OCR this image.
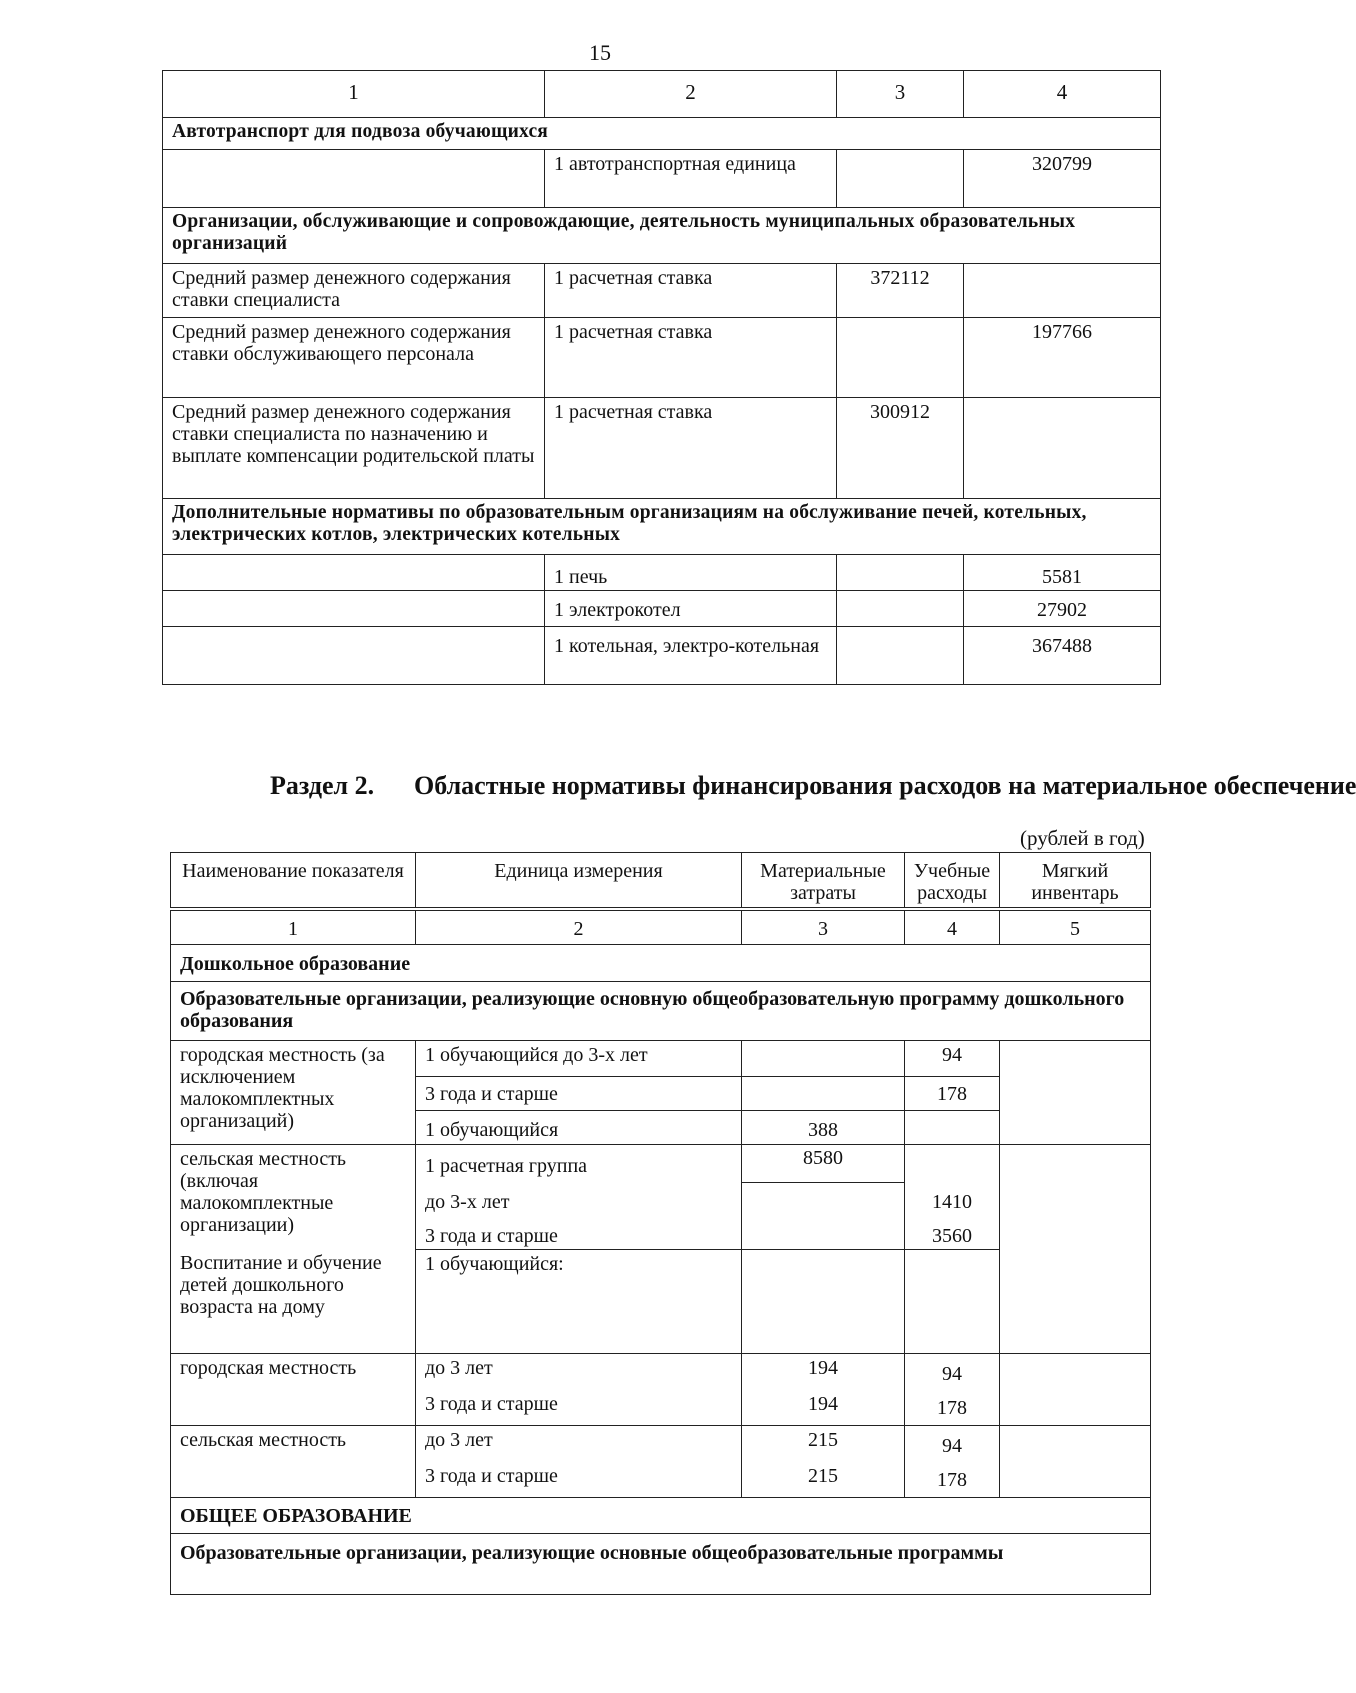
15
1	2	3	4
Автотранспорт для подвоза обучающихся			
	1 автотранспортная единица		320799
Организации, обслуживающие и сопровождающие, деятельность муниципальных образовательных организаций			
Средний размер денежного содержания ставки специалиста	1 расчетная ставка	372112	
Средний размер денежного содержания ставки обслуживающего персонала	1 расчетная ставка		197766
Средний размер денежного содержания ставки специалиста по назначению и выплате компенсации родительской платы	1 расчетная ставка	300912	
Дополнительные нормативы по образовательным организациям на обслуживание печей, котельных, электрических котлов, электрических котельных			
	1 печь		5581
	1 электрокотел		27902
	1 котельная, электро-котельная		367488
Раздел 2. Областные нормативы финансирования расходов на материальное обеспечение
(рублей в год)
Наименование показателя	Единица измерения	Материальные затраты	Учебные расходы	Мягкий инвентарь

1	2	3	4	5
Дошкольное образование				
Образовательные организации, реализующие основную общеобразовательную программу дошкольного образования				
городская местность (за исключением малокомплектных организаций)	1 обучающийся до 3-х лет		94	
	3 года и старше		178	
	1 обучающийся	388		
сельская местность (включая малокомплектные организации)	1 расчетная группа	8580		
	до 3-х лет		1410	
	3 года и старше		3560	
Воспитание и обучение детей дошкольного возраста на дому	1 обучающийся:			
городская местность	до 3 лет	194	94	
	3 года и старше	194	178	
сельская местность	до 3 лет	215	94	
	3 года и старше	215	178	
ОБЩЕЕ ОБРАЗОВАНИЕ				
Образовательные организации, реализующие основные общеобразовательные программы				
